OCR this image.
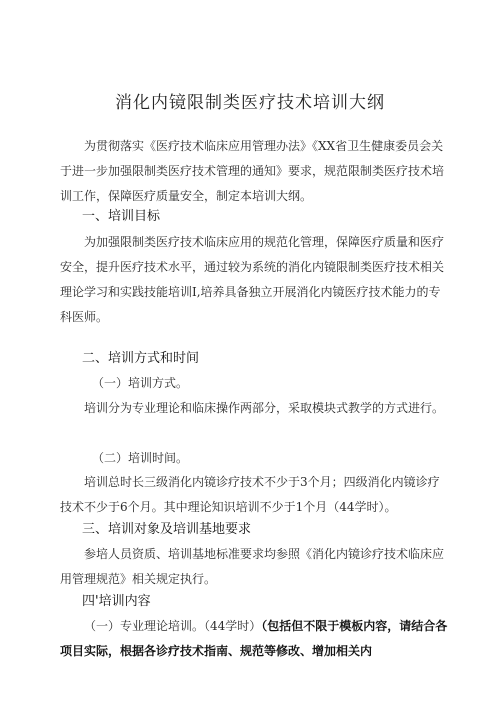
消化内镜限制类医疗技术培训大纲

为贯彻落实《医疗技术临床应用管理办法》《XX省卫生健康委员会关于进一步加强限制类医疗技术管理的通知》要求，规范限制类医疗技术培训工作，保障医疗质量安全，制定本培训大纲。

一、培训目标

为加强限制类医疗技术临床应用的规范化管理，保障医疗质量和医疗安全，提升医疗技术水平，通过较为系统的消化内镜限制类医疗技术相关理论学习和实践技能培训I,培养具备独立开展消化内镜医疗技术能力的专科医师。

二、培训方式和时间
（一）培训方式。

培训分为专业理论和临床操作两部分，采取模块式教学的方式进行。

（二）培训时间。

培训总时长三级消化内镜诊疗技术不少于3个月；四级消化内镜诊疗技术不少于6个月。其中理论知识培训不少于1个月（44学时）。

三、培训对象及培训基地要求

参培人员资质、培训基地标准要求均参照《消化内镜诊疗技术临床应用管理规范》相关规定执行。

四'培训内容

（一）专业理论培训。（44学时）（包括但不限于模板内容，请结合各项目实际，根据各诊疗技术指南、规范等修改、增加相关内
